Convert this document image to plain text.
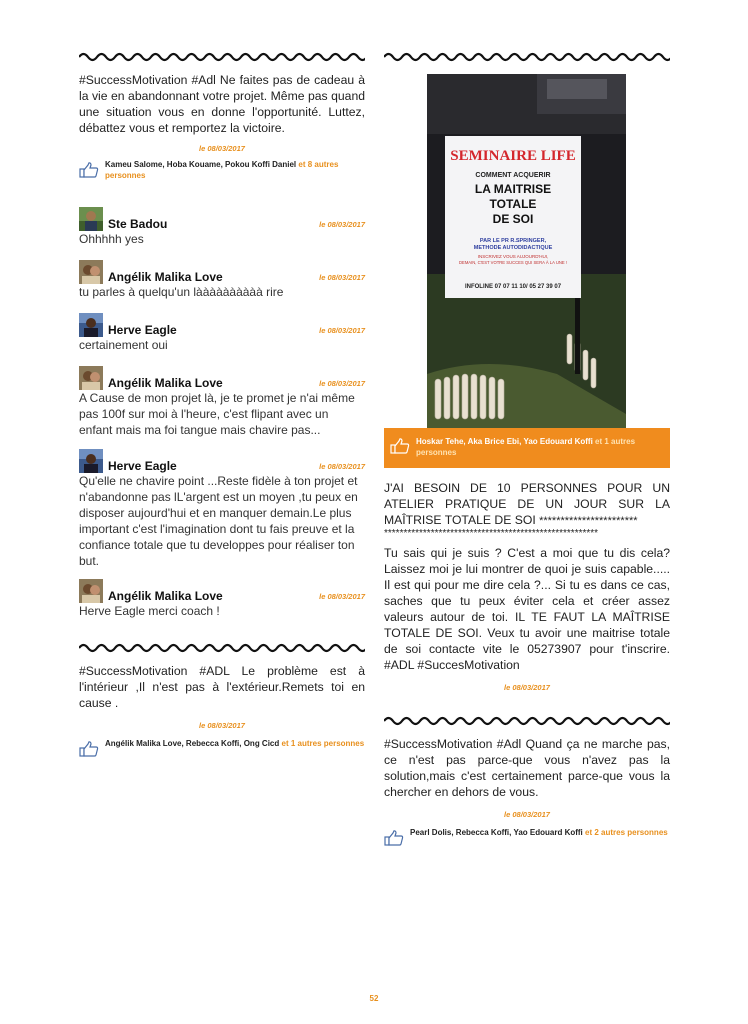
#SuccessMotivation #Adl Ne faites pas de cadeau à la vie en abandonnant votre projet. Même pas quand une situation vous en donne l'opportunité. Luttez, débattez vous et remportez la victoire.

le 08/03/2017
Kameu Salome, Hoba Kouame, Pokou Koffi Daniel et 8 autres personnes
Ste Badou	le 08/03/2017

Ohhhhh yes

Angélik Malika Love	le 08/03/2017

tu parles à quelqu'un làààààààààà rire

Herve Eagle	le 08/03/2017

certainement oui

Angélik Malika Love	le 08/03/2017

A Cause de mon projet là, je te promet je n'ai même pas 100f sur moi à l'heure, c'est flipant avec un enfant mais ma foi tangue mais chavire pas...

Herve Eagle	le 08/03/2017

Qu'elle ne chavire point ...Reste fidèle à ton projet et n'abandonne pas lL'argent est un moyen ,tu peux en disposer aujourd'hui et en manquer demain.Le plus important c'est l'imagination dont tu fais preuve et la confiance totale que tu developpes pour réaliser ton but.

Angélik Malika Love	le 08/03/2017

Herve Eagle merci coach !

#SuccessMotivation #ADL Le problème est à l'intérieur ,Il n'est pas à l'extérieur.Remets toi en cause .

le 08/03/2017
Angélik Malika Love, Rebecca Koffi, Ong Cicd et 1 autres personnes
SEMINAIRE LIFE
COMMENT ACQUERIR
LA MAITRISE
TOTALE
DE SOI
PAR LE PR R.SPRINGER,
METHODE AUTODIDACTIQUE
INSCRIVEZ VOUS AUJOURD'HUI,
DEMAIN, C'EST VOTRE SUCCES QUI SERA À LA UNE !
INFOLINE 07 07 11 10/ 05 27 39 07
Hoskar Tehe, Aka Brice Ebi, Yao Edouard Koffi et 1 autres personnes

J'AI BESOIN DE 10 PERSONNES POUR UN ATELIER PRATIQUE DE UN JOUR SUR LA MAÎTRISE TOTALE DE SOI ***********************

*******************************************************

Tu sais qui je suis ? C'est a moi que tu dis cela? Laissez moi je lui montrer de quoi je suis capable..... Il est qui pour me dire cela ?... Si tu es dans ce cas, saches que tu peux éviter cela et créer assez valeurs autour de toi. IL TE FAUT LA MAÎTRISE TOTALE DE SOI. Veux tu avoir une maitrise totale de soi contacte vite le 05273907 pour t'inscrire. #ADL #SuccesMotivation

le 08/03/2017

#SuccessMotivation #Adl Quand ça ne marche pas, ce n'est pas parce-que vous n'avez pas la solution,mais c'est certainement parce-que vous la chercher en dehors de vous.

le 08/03/2017
Pearl Dolis, Rebecca Koffi, Yao Edouard Koffi et 2 autres personnes
52
